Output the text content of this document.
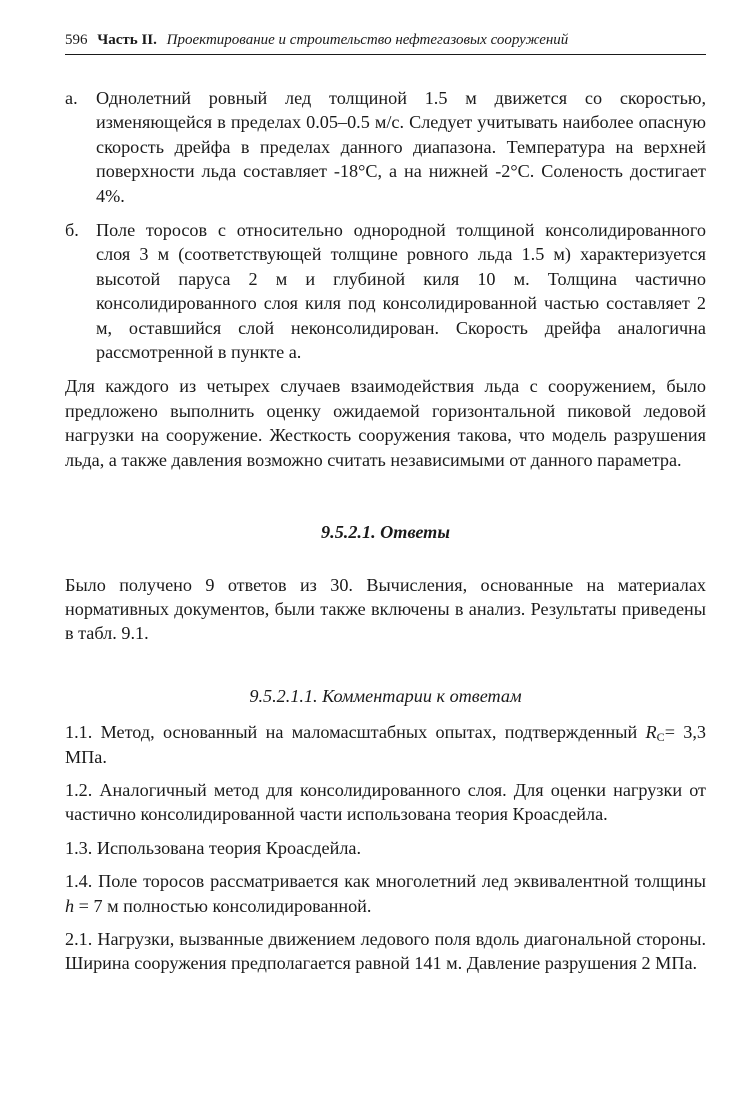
596 Часть II. Проектирование и строительство нефтегазовых сооружений
а.	Однолетний ровный лед толщиной 1.5 м движется со скоростью, изменяющейся в пределах 0.05–0.5 м/с. Следует учитывать наиболее опасную скорость дрейфа в пределах данного диапазона. Температура на верхней поверхности льда составляет -18°С, а на нижней -2°С. Соленость достигает 4%.
б. Поле торосов с относительно однородной толщиной консолидированного слоя 3 м (соответствующей толщине ровного льда 1.5 м) характеризуется высотой паруса 2 м и глубиной киля 10 м. Толщина частично консолидированного слоя киля под консолидированной частью составляет 2 м, оставшийся слой неконсолидирован. Скорость дрейфа аналогична рассмотренной в пункте а.

Для каждого из четырех случаев взаимодействия льда с сооружением, было предложено выполнить оценку ожидаемой горизонтальной пиковой ледовой нагрузки на сооружение. Жесткость сооружения такова, что модель разрушения льда, а также давления возможно считать независимыми от данного параметра.

9.5.2.1. Ответы

Было получено 9 ответов из 30. Вычисления, основанные на материалах нормативных документов, были также включены в анализ. Результаты приведены в табл. 9.1.

9.5.2.1.1. Комментарии к ответам

1.1. Метод, основанный на маломасштабных опытах, подтвержденный $R_C= 3,3$ МПа.

1.2. Аналогичный метод для консолидированного слоя. Для оценки нагрузки от частично консолидированной части использована теория Кроасдейла.

1.3. Использована теория Кроасдейла.

1.4. Поле торосов рассматривается как многолетний лед эквивалентной толщины h = 7 м полностью консолидированной.

2.1. Нагрузки, вызванные движением ледового поля вдоль диагональной стороны. Ширина сооружения предполагается равной 141 м. Давление разрушения 2 МПа.
